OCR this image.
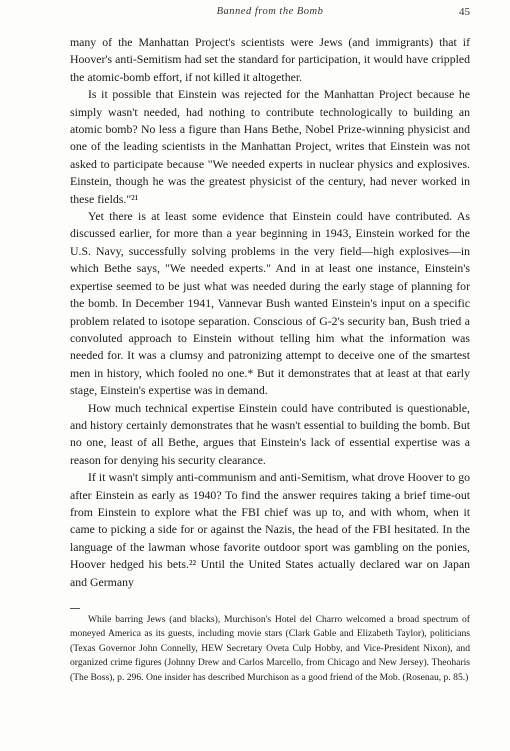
Banned from the Bomb	45

many of the Manhattan Project's scientists were Jews (and immigrants) that if Hoover's anti-Semitism had set the standard for participation, it would have crippled the atomic-bomb effort, if not killed it altogether.

Is it possible that Einstein was rejected for the Manhattan Project because he simply wasn't needed, had nothing to contribute technologically to building an atomic bomb? No less a figure than Hans Bethe, Nobel Prize-winning physicist and one of the leading scientists in the Manhattan Project, writes that Einstein was not asked to participate because "We needed experts in nuclear physics and explosives. Einstein, though he was the greatest physicist of the century, had never worked in these fields."²¹

Yet there is at least some evidence that Einstein could have contributed. As discussed earlier, for more than a year beginning in 1943, Einstein worked for the U.S. Navy, successfully solving problems in the very field—high explosives—in which Bethe says, "We needed experts." And in at least one instance, Einstein's expertise seemed to be just what was needed during the early stage of planning for the bomb. In December 1941, Vannevar Bush wanted Einstein's input on a specific problem related to isotope separation. Conscious of G-2's security ban, Bush tried a convoluted approach to Einstein without telling him what the information was needed for. It was a clumsy and patronizing attempt to deceive one of the smartest men in history, which fooled no one.* But it demonstrates that at least at that early stage, Einstein's expertise was in demand.

How much technical expertise Einstein could have contributed is questionable, and history certainly demonstrates that he wasn't essential to building the bomb. But no one, least of all Bethe, argues that Einstein's lack of essential expertise was a reason for denying his security clearance.

If it wasn't simply anti-communism and anti-Semitism, what drove Hoover to go after Einstein as early as 1940? To find the answer requires taking a brief time-out from Einstein to explore what the FBI chief was up to, and with whom, when it came to picking a side for or against the Nazis, the head of the FBI hesitated. In the language of the lawman whose favorite outdoor sport was gambling on the ponies, Hoover hedged his bets.²² Until the United States actually declared war on Japan and Germany

While barring Jews (and blacks), Murchison's Hotel del Charro welcomed a broad spectrum of moneyed America as its guests, including movie stars (Clark Gable and Elizabeth Taylor), politicians (Texas Governor John Connelly, HEW Secretary Oveta Culp Hobby, and Vice-President Nixon), and organized crime figures (Johnny Drew and Carlos Marcello, from Chicago and New Jersey). Theoharis (The Boss), p. 296. One insider has described Murchison as a good friend of the Mob. (Rosenau, p. 85.)
